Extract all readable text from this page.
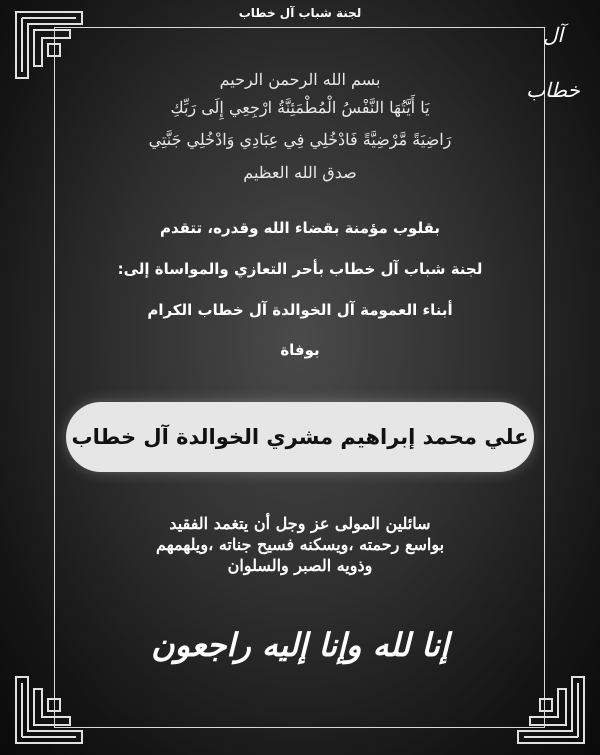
لجنة شباب آل خطاب
آل خطاب
بسم الله الرحمن الرحيم
يَا أَيَّتُهَا النَّفْسُ الْمُطْمَئِنَّةُ ارْجِعِي إِلَى رَبِّكِ
رَاضِيَةً مَّرْضِيَّةً فَادْخُلِي فِي عِبَادِي وَادْخُلِي جَنَّتِي
صدق الله العظيم
بقلوب مؤمنة بقضاء الله وقدره، تتقدم
لجنة شباب آل خطاب بأحر التعازي والمواساة إلى:
أبناء العمومة آل الخوالدة آل خطاب الكرام
بوفاة
علي محمد إبراهيم مشري الخوالدة آل خطاب
سائلين المولى عز وجل أن يتغمد الفقيد
بواسع رحمته ،ويسكنه فسيح جناته ،ويلهمهم
وذويه الصبر والسلوان
إنا لله وإنا إليه راجعون
